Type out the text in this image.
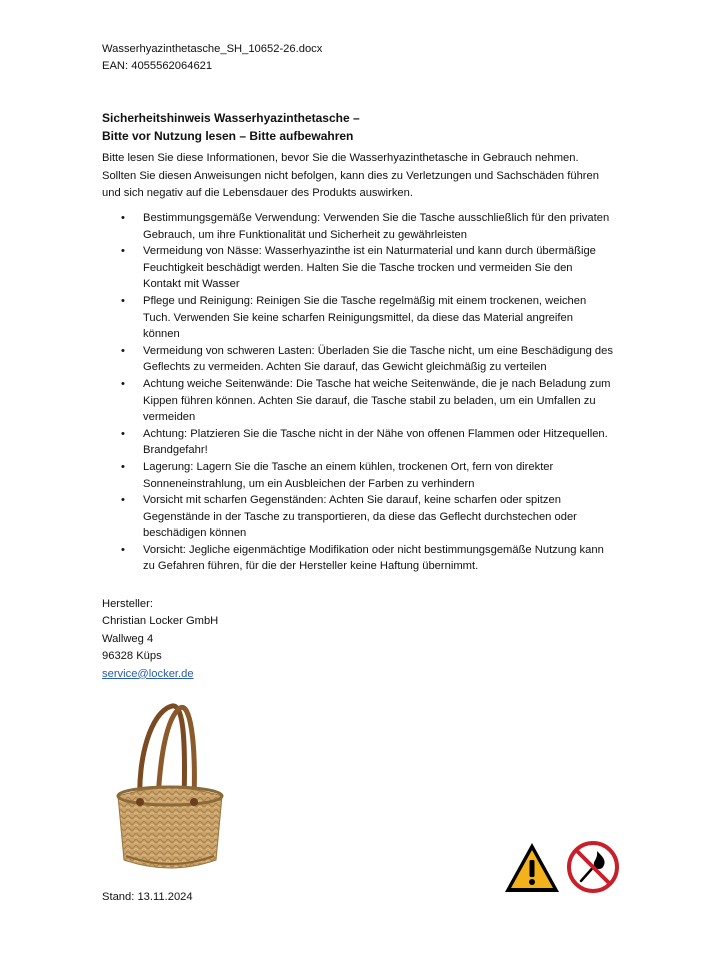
Wasserhyazinthetasche_SH_10652-26.docx
EAN: 4055562064621
Sicherheitshinweis Wasserhyazinthetasche –
Bitte vor Nutzung lesen – Bitte aufbewahren
Bitte lesen Sie diese Informationen, bevor Sie die Wasserhyazinthetasche in Gebrauch nehmen.
Sollten Sie diesen Anweisungen nicht befolgen, kann dies zu Verletzungen und Sachschäden führen
und sich negativ auf die Lebensdauer des Produkts auswirken.
• Bestimmungsgemäße Verwendung: Verwenden Sie die Tasche ausschließlich für den privaten
Gebrauch, um ihre Funktionalität und Sicherheit zu gewährleisten
• Vermeidung von Nässe: Wasserhyazinthe ist ein Naturmaterial und kann durch übermäßige
Feuchtigkeit beschädigt werden. Halten Sie die Tasche trocken und vermeiden Sie den
Kontakt mit Wasser
• Pflege und Reinigung: Reinigen Sie die Tasche regelmäßig mit einem trockenen, weichen
Tuch. Verwenden Sie keine scharfen Reinigungsmittel, da diese das Material angreifen
können
• Vermeidung von schweren Lasten: Überladen Sie die Tasche nicht, um eine Beschädigung des
Geflechts zu vermeiden. Achten Sie darauf, das Gewicht gleichmäßig zu verteilen
• Achtung weiche Seitenwände: Die Tasche hat weiche Seitenwände, die je nach Beladung zum
Kippen führen können. Achten Sie darauf, die Tasche stabil zu beladen, um ein Umfallen zu
vermeiden
• Achtung: Platzieren Sie die Tasche nicht in der Nähe von offenen Flammen oder Hitzequellen.
Brandgefahr!
• Lagerung: Lagern Sie die Tasche an einem kühlen, trockenen Ort, fern von direkter
Sonneneinstrahlung, um ein Ausbleichen der Farben zu verhindern
• Vorsicht mit scharfen Gegenständen: Achten Sie darauf, keine scharfen oder spitzen
Gegenstände in der Tasche zu transportieren, da diese das Geflecht durchstechen oder
beschädigen können
• Vorsicht: Jegliche eigenmächtige Modifikation oder nicht bestimmungsgemäße Nutzung kann
zu Gefahren führen, für die der Hersteller keine Haftung übernimmt.
Hersteller:
Christian Locker GmbH
Wallweg 4
96328 Küps
service@locker.de
Stand: 13.11.2024
